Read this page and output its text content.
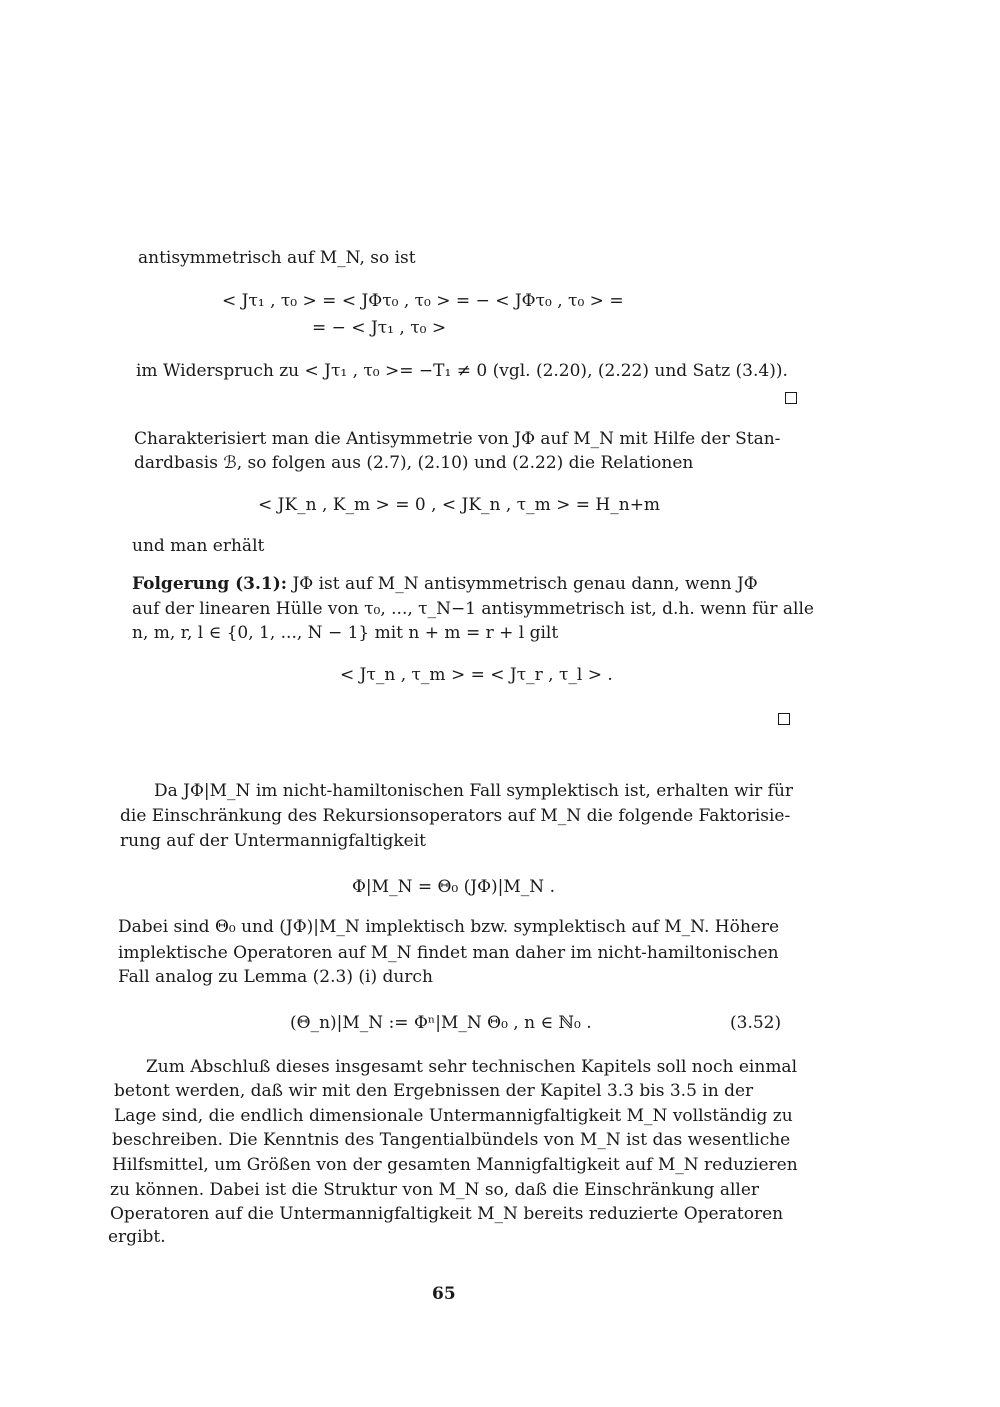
antisymmetrisch auf M_N, so ist
< Jτ₁ , τ₀ > = < JΦτ₀ , τ₀ > = − < JΦτ₀ , τ₀ > =
= − < Jτ₁ , τ₀ >
im Widerspruch zu < Jτ₁ , τ₀ >= −T₁ ≠ 0 (vgl. (2.20), (2.22) und Satz (3.4)).
Charakterisiert man die Antisymmetrie von JΦ auf M_N mit Hilfe der Stan-
dardbasis ℬ, so folgen aus (2.7), (2.10) und (2.22) die Relationen
< JK_n , K_m > = 0 , < JK_n , τ_m > = H_n+m
und man erhält
Folgerung (3.1): JΦ ist auf M_N antisymmetrisch genau dann, wenn JΦ
auf der linearen Hülle von τ₀, ..., τ_N−1 antisymmetrisch ist, d.h. wenn für alle
n, m, r, l ∈ {0, 1, ..., N − 1} mit n + m = r + l gilt
< Jτ_n , τ_m > = < Jτ_r , τ_l > .
Da JΦ|M_N im nicht-hamiltonischen Fall symplektisch ist, erhalten wir für
die Einschränkung des Rekursionsoperators auf M_N die folgende Faktorisie-
rung auf der Untermannigfaltigkeit
Φ|M_N = Θ₀ (JΦ)|M_N .
Dabei sind Θ₀ und (JΦ)|M_N implektisch bzw. symplektisch auf M_N. Höhere
implektische Operatoren auf M_N findet man daher im nicht-hamiltonischen
Fall analog zu Lemma (2.3) (i) durch
(Θ_n)|M_N := Φⁿ|M_N Θ₀ , n ∈ ℕ₀ .	(3.52)
Zum Abschluß dieses insgesamt sehr technischen Kapitels soll noch einmal
betont werden, daß wir mit den Ergebnissen der Kapitel 3.3 bis 3.5 in der
Lage sind, die endlich dimensionale Untermannigfaltigkeit M_N vollständig zu
beschreiben. Die Kenntnis des Tangentialbündels von M_N ist das wesentliche
Hilfsmittel, um Größen von der gesamten Mannigfaltigkeit auf M_N reduzieren
zu können. Dabei ist die Struktur von M_N so, daß die Einschränkung aller
Operatoren auf die Untermannigfaltigkeit M_N bereits reduzierte Operatoren
ergibt.
65
